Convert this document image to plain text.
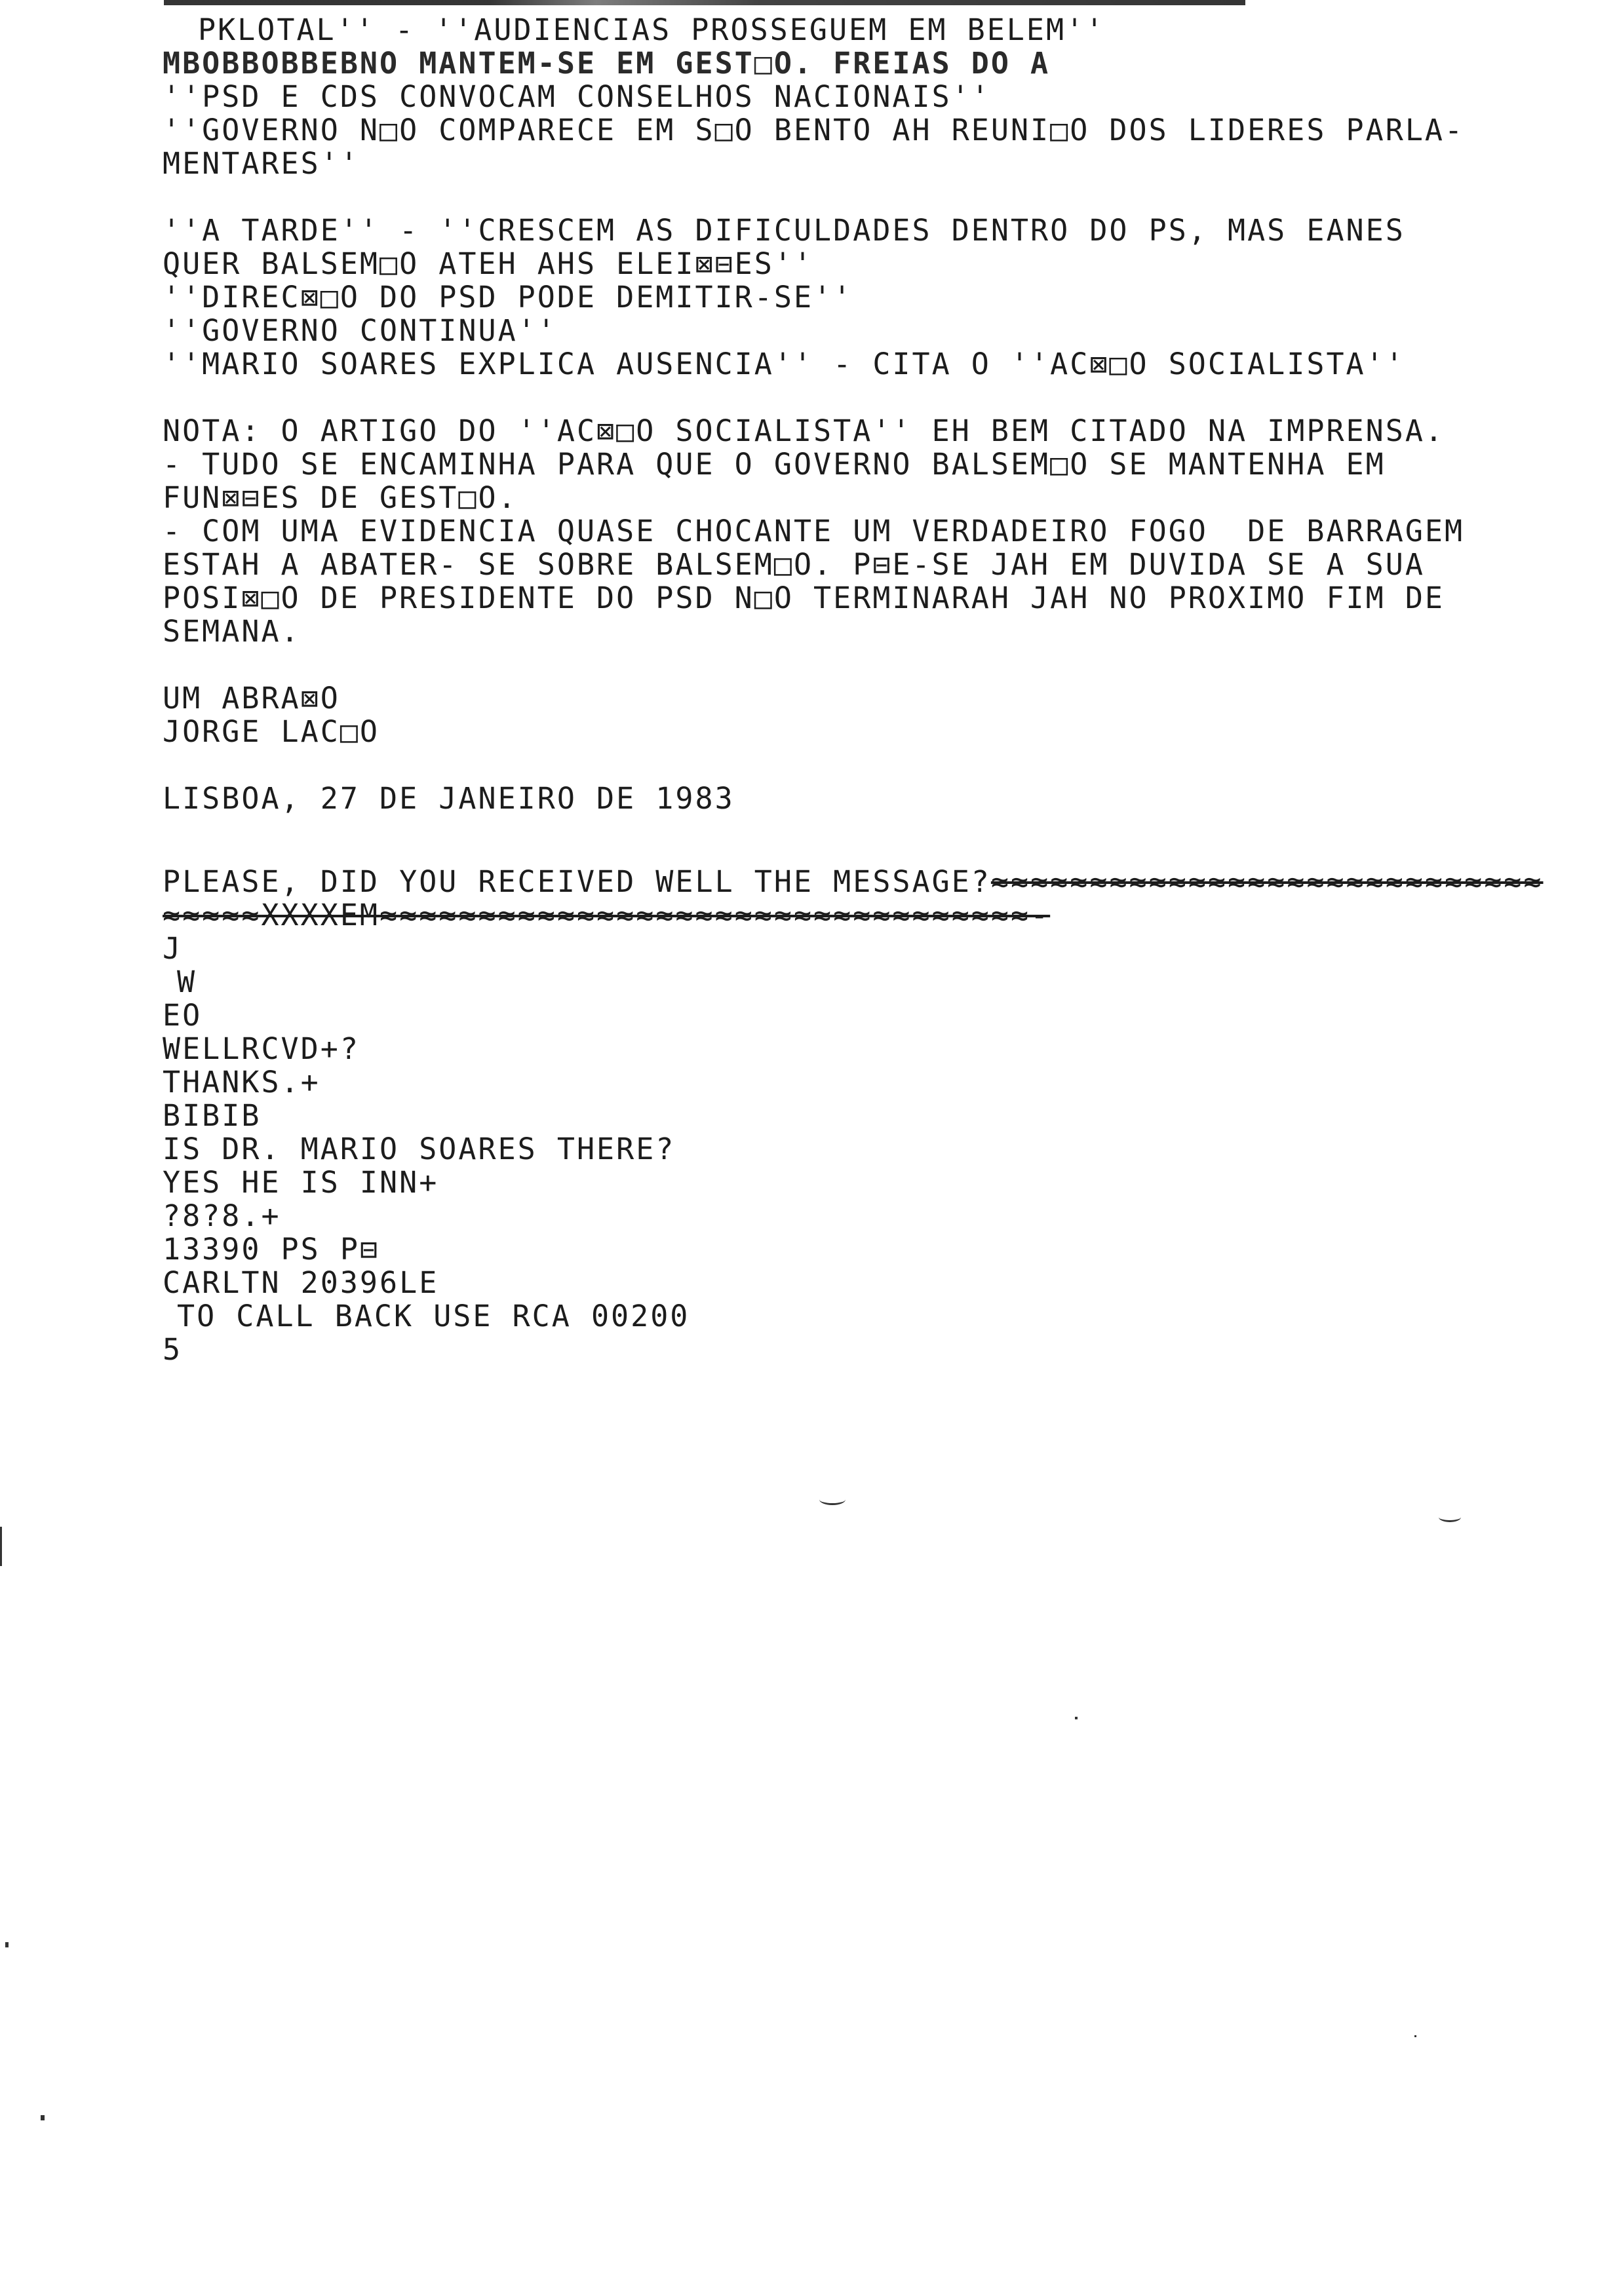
PKLOTAL'' - ''AUDIENCIAS PROSSEGUEM EM BELEM''
MBOBBOBBEBNO MANTEM-SE EM GEST□O. FREIAS DO A
''PSD E CDS CONVOCAM CONSELHOS NACIONAIS''
''GOVERNO N□O COMPARECE EM S□O BENTO AH REUNI□O DOS LIDERES PARLA-
MENTARES''
''A TARDE'' - ''CRESCEM AS DIFICULDADES DENTRO DO PS, MAS EANES
QUER BALSEM□O ATEH AHS ELEI⊠⊟ES''
''DIREC⊠□O DO PSD PODE DEMITIR-SE''
''GOVERNO CONTINUA''
''MARIO SOARES EXPLICA AUSENCIA'' - CITA O ''AC⊠□O SOCIALISTA''
NOTA: O ARTIGO DO ''AC⊠□O SOCIALISTA'' EH BEM CITADO NA IMPRENSA.
- TUDO SE ENCAMINHA PARA QUE O GOVERNO BALSEM□O SE MANTENHA EM
FUN⊠⊟ES DE GEST□O.
- COM UMA EVIDENCIA QUASE CHOCANTE UM VERDADEIRO FOGO  DE BARRAGEM
ESTAH A ABATER- SE SOBRE BALSEM□O. P⊟E-SE JAH EM DUVIDA SE A SUA
POSI⊠□O DE PRESIDENTE DO PSD N□O TERMINARAH JAH NO PROXIMO FIM DE
SEMANA.
UM ABRA⊠O
JORGE LAC□O
LISBOA, 27 DE JANEIRO DE 1983
PLEASE, DID YOU RECEIVED WELL THE MESSAGE?≈≈≈≈≈≈≈≈≈≈≈≈≈≈≈≈≈≈≈≈≈≈≈≈≈≈≈≈
≈≈≈≈≈XXXXEM≈≈≈≈≈≈≈≈≈≈≈≈≈≈≈≈≈≈≈≈≈≈≈≈≈≈≈≈≈≈≈≈≈-
J
W
EO
WELLRCVD+?
THANKS.+
BIBIB
IS DR. MARIO SOARES THERE?
YES HE IS INN+
?8?8.+
13390 PS P⊟
CARLTN 20396LE
TO CALL BACK USE RCA 00200
5
